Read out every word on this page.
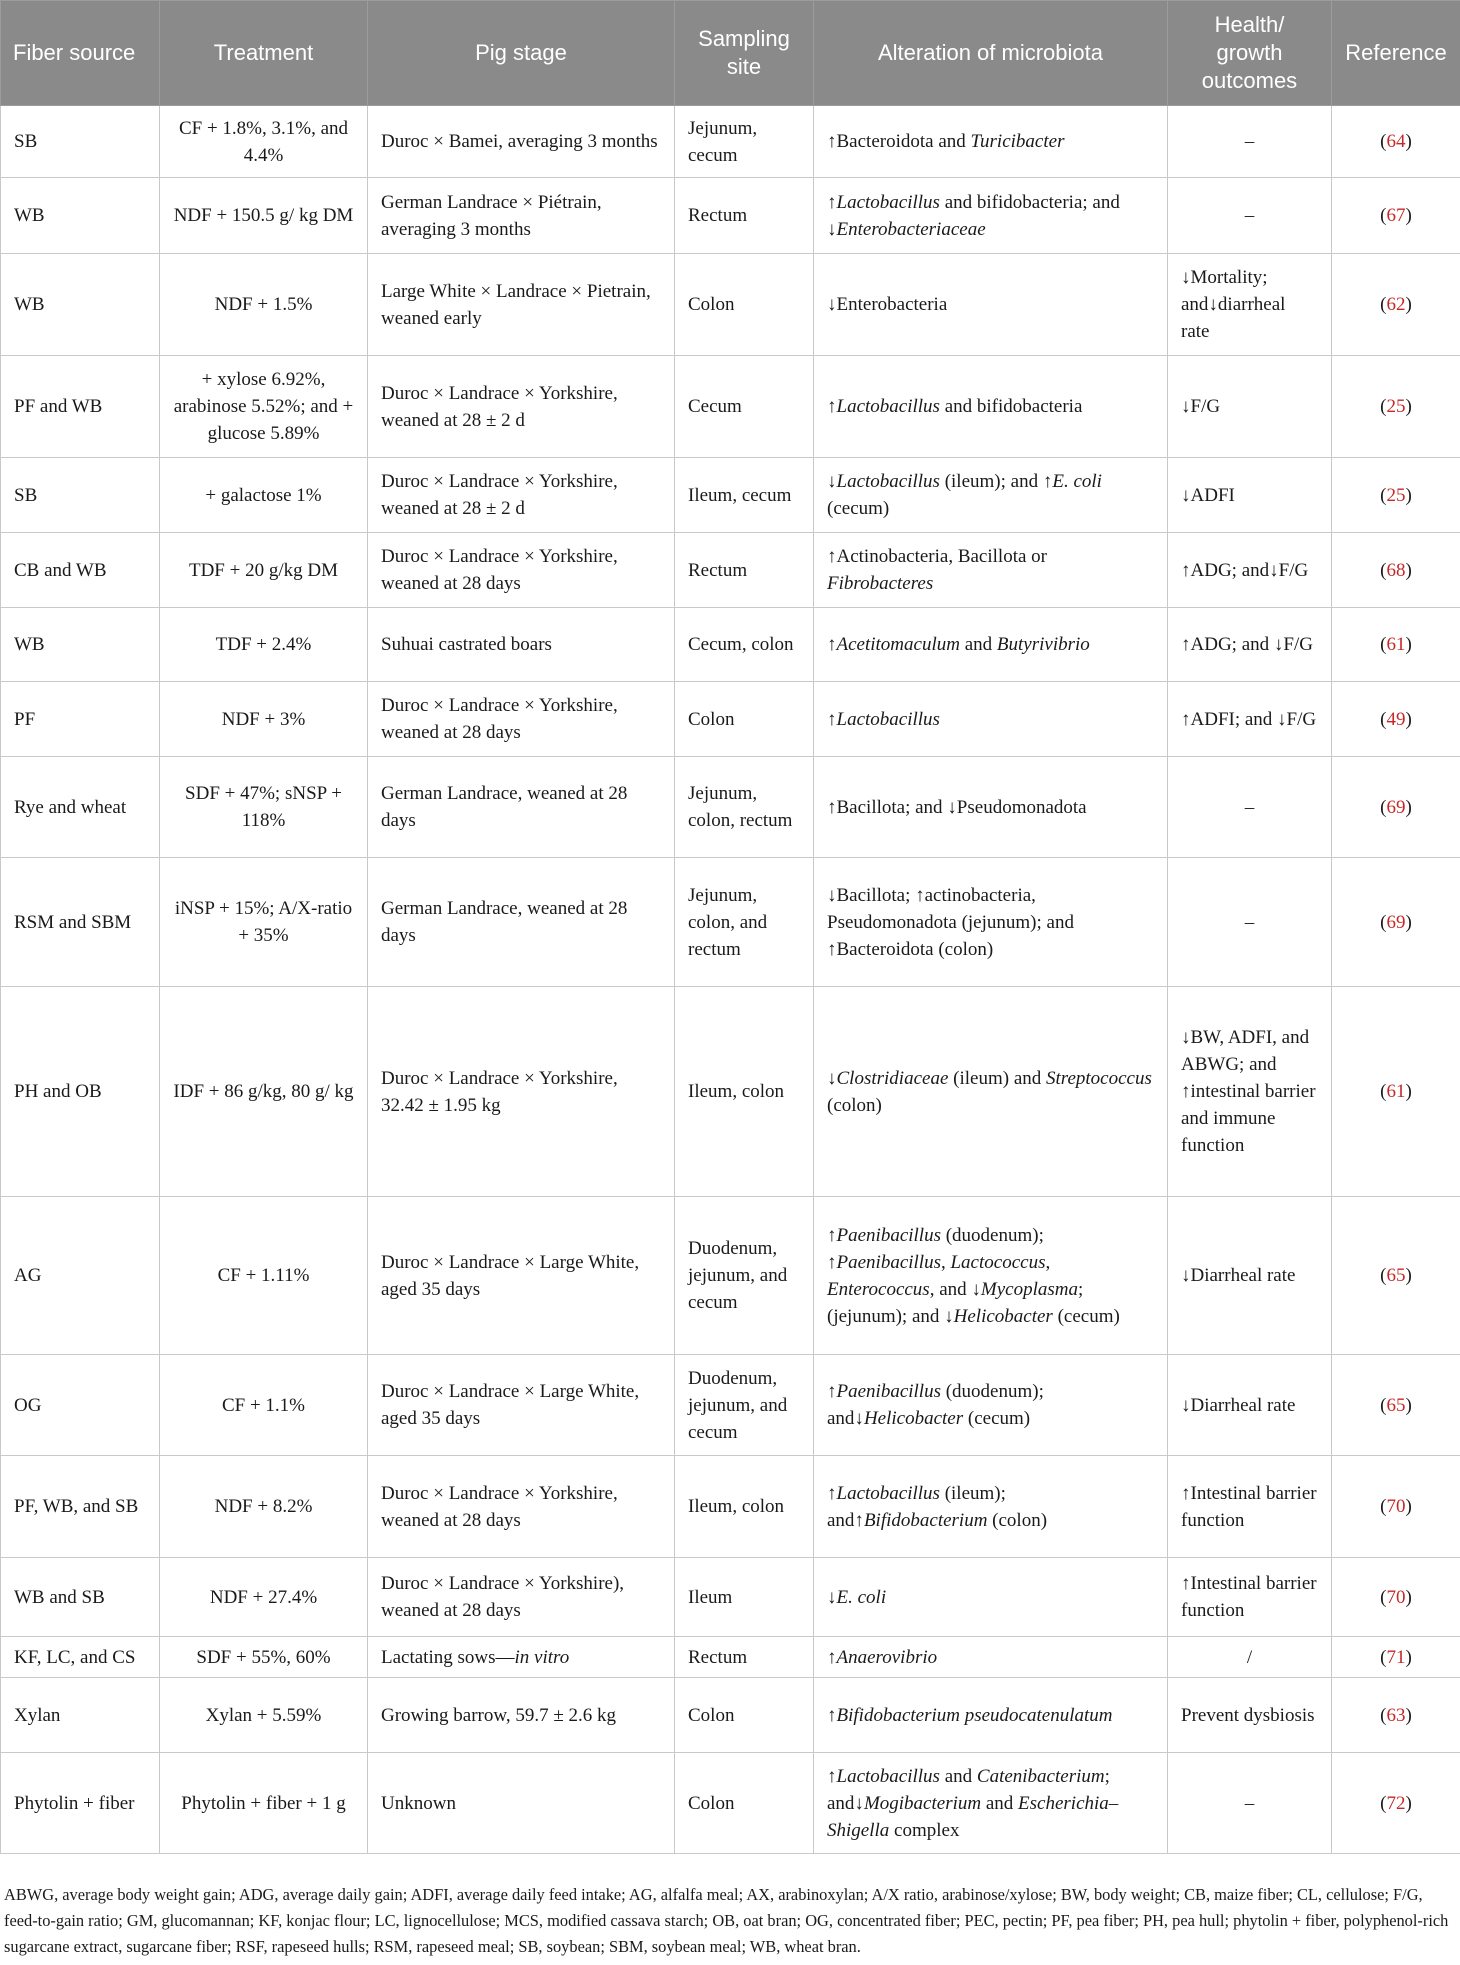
Fiber source	Treatment	Pig stage	Sampling site	Alteration of microbiota	Health/ growth outcomes	Reference
SB	CF + 1.8%, 3.1%, and 4.4%	Duroc × Bamei, averaging 3 months	Jejunum, cecum	↑Bacteroidota and Turicibacter	–	(64)
WB	NDF + 150.5 g/ kg DM	German Landrace × Piétrain, averaging 3 months	Rectum	↑Lactobacillus and bifidobacteria; and ↓Enterobacteriaceae	–	(67)
WB	NDF + 1.5%	Large White × Landrace × Pietrain, weaned early	Colon	↓Enterobacteria	↓Mortality; and↓diarrheal rate	(62)
PF and WB	+ xylose 6.92%, arabinose 5.52%; and + glucose 5.89%	Duroc × Landrace × Yorkshire, weaned at 28 ± 2 d	Cecum	↑Lactobacillus and bifidobacteria	↓F/G	(25)
SB	+ galactose 1%	Duroc × Landrace × Yorkshire, weaned at 28 ± 2 d	Ileum, cecum	↓Lactobacillus (ileum); and ↑E. coli (cecum)	↓ADFI	(25)
CB and WB	TDF + 20 g/kg DM	Duroc × Landrace × Yorkshire, weaned at 28 days	Rectum	↑Actinobacteria, Bacillota or Fibrobacteres	↑ADG; and↓F/G	(68)
WB	TDF + 2.4%	Suhuai castrated boars	Cecum, colon	↑Acetitomaculum and Butyrivibrio	↑ADG; and ↓F/G	(61)
PF	NDF + 3%	Duroc × Landrace × Yorkshire, weaned at 28 days	Colon	↑Lactobacillus	↑ADFI; and ↓F/G	(49)
Rye and wheat	SDF + 47%; sNSP + 118%	German Landrace, weaned at 28 days	Jejunum, colon, rectum	↑Bacillota; and ↓Pseudomonadota	–	(69)
RSM and SBM	iNSP + 15%; A/X-ratio + 35%	German Landrace, weaned at 28 days	Jejunum, colon, and rectum	↓Bacillota; ↑actinobacteria, Pseudomonadota (jejunum); and ↑Bacteroidota (colon)	–	(69)
PH and OB	IDF + 86 g/kg, 80 g/ kg	Duroc × Landrace × Yorkshire, 32.42 ± 1.95 kg	Ileum, colon	↓Clostridiaceae (ileum) and Streptococcus (colon)	↓BW, ADFI, and ABWG; and ↑intestinal barrier and immune function	(61)
AG	CF + 1.11%	Duroc × Landrace × Large White, aged 35 days	Duodenum, jejunum, and cecum	↑Paenibacillus (duodenum); ↑Paenibacillus, Lactococcus, Enterococcus, and ↓Mycoplasma; (jejunum); and ↓Helicobacter (cecum)	↓Diarrheal rate	(65)
OG	CF + 1.1%	Duroc × Landrace × Large White, aged 35 days	Duodenum, jejunum, and cecum	↑Paenibacillus (duodenum); and↓Helicobacter (cecum)	↓Diarrheal rate	(65)
PF, WB, and SB	NDF + 8.2%	Duroc × Landrace × Yorkshire, weaned at 28 days	Ileum, colon	↑Lactobacillus (ileum); and↑Bifidobacterium (colon)	↑Intestinal barrier function	(70)
WB and SB	NDF + 27.4%	Duroc × Landrace × Yorkshire), weaned at 28 days	Ileum	↓E. coli	↑Intestinal barrier function	(70)
KF, LC, and CS	SDF + 55%, 60%	Lactating sows—in vitro	Rectum	↑Anaerovibrio	/	(71)
Xylan	Xylan + 5.59%	Growing barrow, 59.7 ± 2.6 kg	Colon	↑Bifidobacterium pseudocatenulatum	Prevent dysbiosis	(63)
Phytolin + fiber	Phytolin + fiber + 1 g	Unknown	Colon	↑Lactobacillus and Catenibacterium; and↓Mogibacterium and Escherichia–Shigella complex	–	(72)
ABWG, average body weight gain; ADG, average daily gain; ADFI, average daily feed intake; AG, alfalfa meal; AX, arabinoxylan; A/X ratio, arabinose/xylose; BW, body weight; CB, maize fiber; CL, cellulose; F/G, feed-to-gain ratio; GM, glucomannan; KF, konjac flour; LC, lignocellulose; MCS, modified cassava starch; OB, oat bran; OG, concentrated fiber; PEC, pectin; PF, pea fiber; PH, pea hull; phytolin + fiber, polyphenol-rich sugarcane extract, sugarcane fiber; RSF, rapeseed hulls; RSM, rapeseed meal; SB, soybean; SBM, soybean meal; WB, wheat bran.
